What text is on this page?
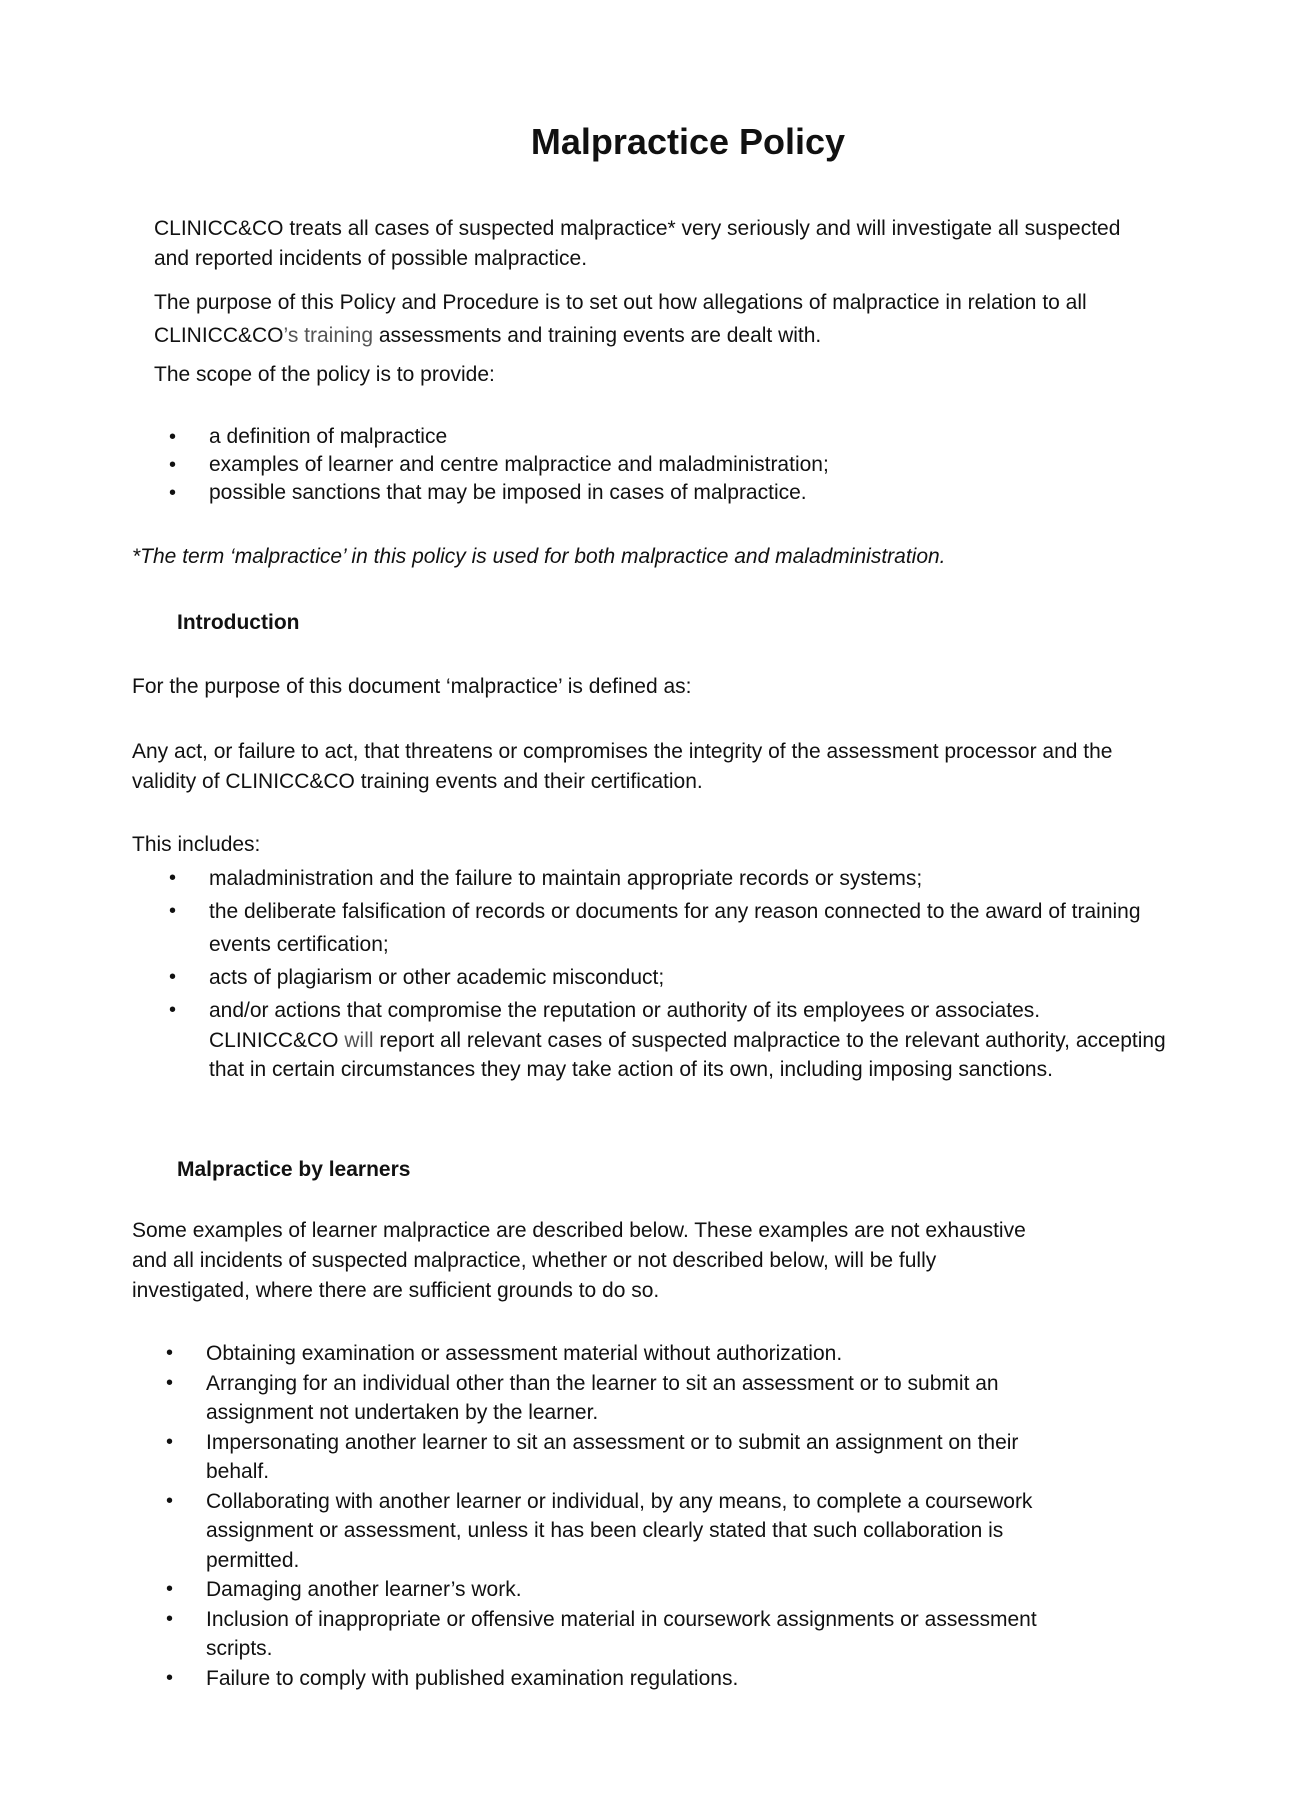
Malpractice Policy

CLINICC&CO treats all cases of suspected malpractice* very seriously and will investigate all suspected and reported incidents of possible malpractice.

The purpose of this Policy and Procedure is to set out how allegations of malpractice in relation to all CLINICC&CO’s training assessments and training events are dealt with.

The scope of the policy is to provide:

• a definition of malpractice
• examples of learner and centre malpractice and maladministration;
• possible sanctions that may be imposed in cases of malpractice.

*The term ‘malpractice’ in this policy is used for both malpractice and maladministration.

Introduction

For the purpose of this document ‘malpractice’ is defined as:

Any act, or failure to act, that threatens or compromises the integrity of the assessment processor and the validity of CLINICC&CO training events and their certification.

This includes:

• maladministration and the failure to maintain appropriate records or systems;
• the deliberate falsification of records or documents for any reason connected to the award of training events certification;
• acts of plagiarism or other academic misconduct;
• and/or actions that compromise the reputation or authority of its employees or associates.

CLINICC&CO will report all relevant cases of suspected malpractice to the relevant authority, accepting that in certain circumstances they may take action of its own, including imposing sanctions.

Malpractice by learners

Some examples of learner malpractice are described below. These examples are not exhaustive and all incidents of suspected malpractice, whether or not described below, will be fully investigated, where there are sufficient grounds to do so.

• Obtaining examination or assessment material without authorization.
• Arranging for an individual other than the learner to sit an assessment or to submit an assignment not undertaken by the learner.
• Impersonating another learner to sit an assessment or to submit an assignment on their behalf.
• Collaborating with another learner or individual, by any means, to complete a coursework assignment or assessment, unless it has been clearly stated that such collaboration is permitted.
• Damaging another learner’s work.
• Inclusion of inappropriate or offensive material in coursework assignments or assessment scripts.
• Failure to comply with published examination regulations.
